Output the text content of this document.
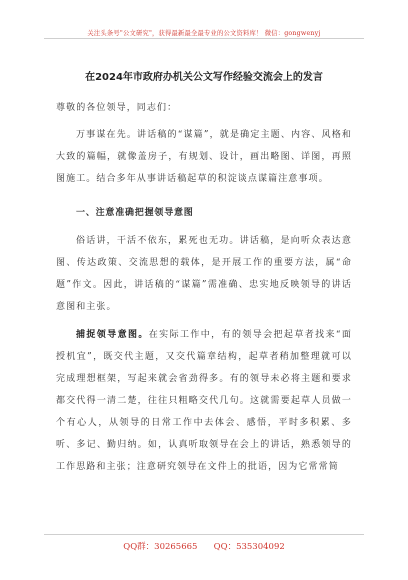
关注头条号"公文研究"，获得最新最全最专业的公文资料库！ 微信：gongwenyj

在2024年市政府办机关公文写作经验交流会上的发言

尊敬的各位领导，同志们：

万事谋在先。讲话稿的“谋篇”，就是确定主题、内容、风格和大致的篇幅，就像盖房子，有规划、设计，画出略图、详图，再照图施工。结合多年从事讲话稿起草的积淀谈点谋篇注意事项。

一、注意准确把握领导意图

俗话讲，干活不依东，累死也无功。讲话稿，是向听众表达意图、传达政策、交流思想的载体，是开展工作的重要方法，属“命题”作文。因此，讲话稿的“谋篇”需准确、忠实地反映领导的讲话意图和主张。

捕捉领导意图。在实际工作中，有的领导会把起草者找来“面授机宜”，既交代主题，又交代篇章结构，起草者稍加整理就可以完成理想框架，写起来就会省劲得多。有的领导未必将主题和要求都交代得一清二楚，往往只粗略交代几句。这就需要起草人员做一个有心人，从领导的日常工作中去体会、感悟，平时多积累、多听、多记、勤归纳。如，认真听取领导在会上的讲话，熟悉领导的工作思路和主张；注意研究领导在文件上的批语，因为它常常简

QQ群：30265665      QQ：535304092
